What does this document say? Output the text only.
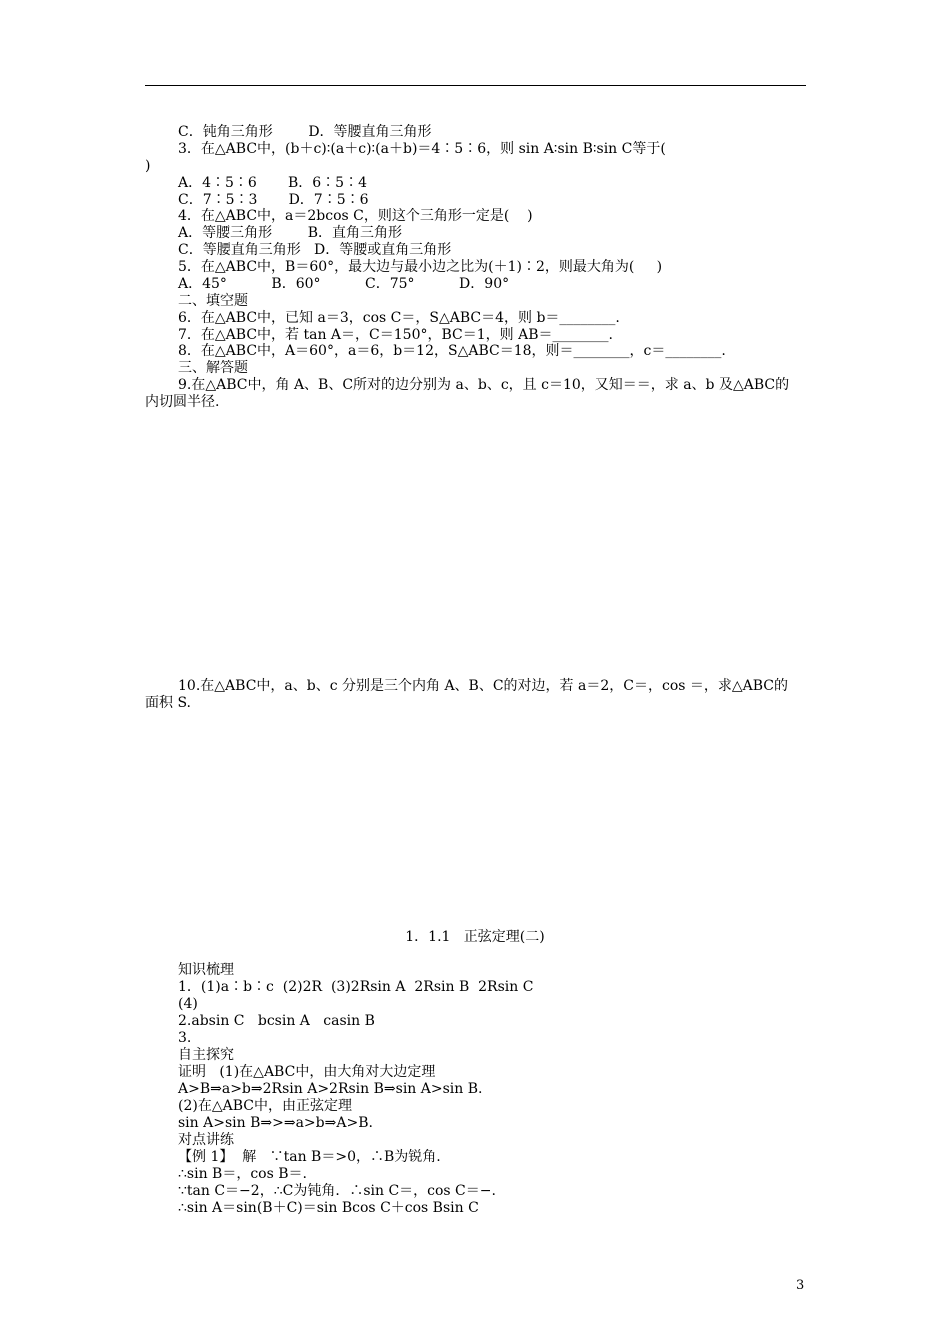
C．钝角三角形        D．等腰直角三角形
3．在△ABC中，(b＋c)∶(a＋c)∶(a＋b)＝4∶5∶6，则 sin A∶sin B∶sin C等于(
)
A．4∶5∶6       B．6∶5∶4
C．7∶5∶3       D．7∶5∶6
4．在△ABC中，a＝2bcos C，则这个三角形一定是(    )
A．等腰三角形        B．直角三角形
C．等腰直角三角形   D．等腰或直角三角形
5．在△ABC中，B＝60°，最大边与最小边之比为(＋1)∶2，则最大角为(     )
A．45°          B．60°          C．75°          D．90°
二、填空题
6．在△ABC中，已知 a＝3，cos C＝，S△ABC＝4，则 b＝________.
7．在△ABC中，若 tan A＝，C＝150°，BC＝1，则 AB＝________.
8．在△ABC中，A＝60°，a＝6，b＝12，S△ABC＝18，则＝________，c＝________.
三、解答题
9.在△ABC中，角 A、B、C所对的边分别为 a、b、c，且 c＝10，又知＝＝，求 a、b 及△ABC的
内切圆半径.
10.在△ABC中，a、b、c 分别是三个内角 A、B、C的对边，若 a＝2，C＝，cos ＝，求△ABC的
面积 S.
1．1.1   正弦定理(二)
知识梳理
1．(1)a∶b∶c  (2)2R  (3)2Rsin A  2Rsin B  2Rsin C
(4)
2.absin C   bcsin A   casin B
3.
自主探究
证明   (1)在△ABC中，由大角对大边定理
A>B⇒a>b⇒2Rsin A>2Rsin B⇒sin A>sin B.
(2)在△ABC中，由正弦定理
sin A>sin B⇒>⇒a>b⇒A>B.
对点讲练
【例 1】  解   ∵tan B＝>0，∴B为锐角.
∴sin B＝，cos B＝.
∵tan C＝−2，∴C为钝角．∴sin C＝，cos C＝−.
∴sin A＝sin(B＋C)＝sin Bcos C＋cos Bsin C
3
